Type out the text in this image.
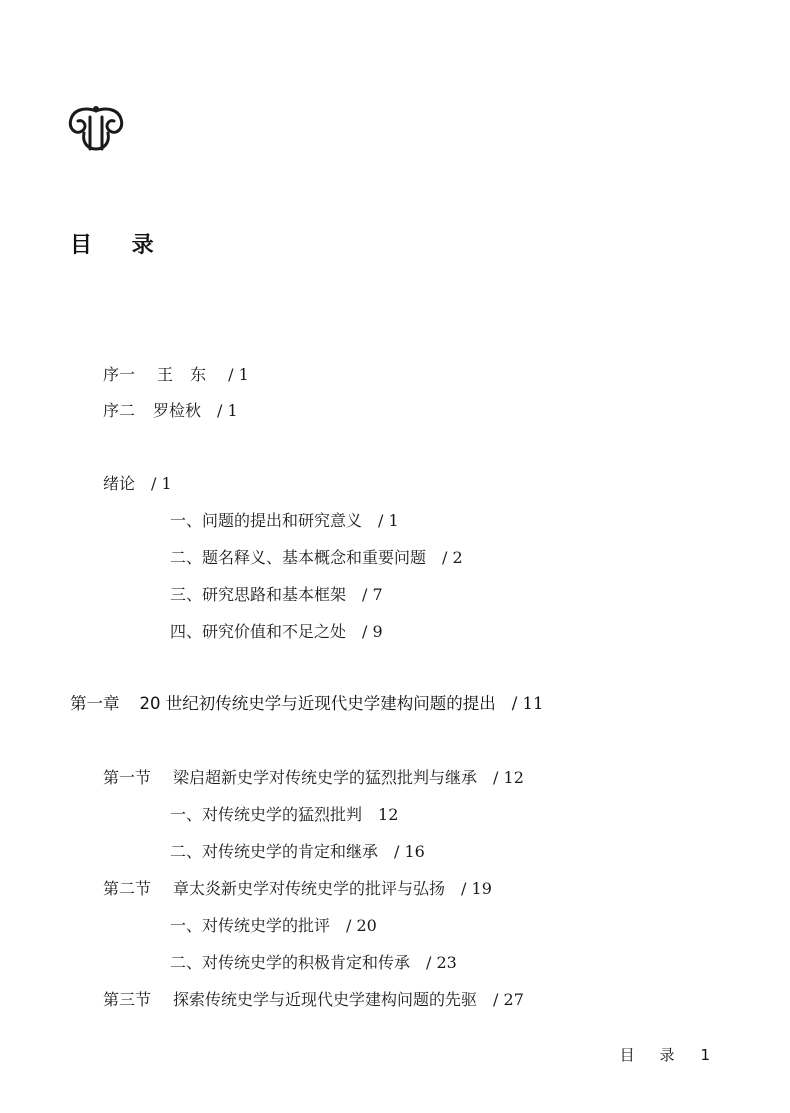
目 录
序一 王 东 / 1
序二 罗检秋 / 1
绪论 / 1
一、问题的提出和研究意义 / 1
二、题名释义、基本概念和重要问题 / 2
三、研究思路和基本框架 / 7
四、研究价值和不足之处 / 9
第一章 20 世纪初传统史学与近现代史学建构问题的提出 / 11
第一节 梁启超新史学对传统史学的猛烈批判与继承 / 12
一、对传统史学的猛烈批判 12
二、对传统史学的肯定和继承 / 16
第二节 章太炎新史学对传统史学的批评与弘扬 / 19
一、对传统史学的批评 / 20
二、对传统史学的积极肯定和传承 / 23
第三节 探索传统史学与近现代史学建构问题的先驱 / 27
目 录 1
